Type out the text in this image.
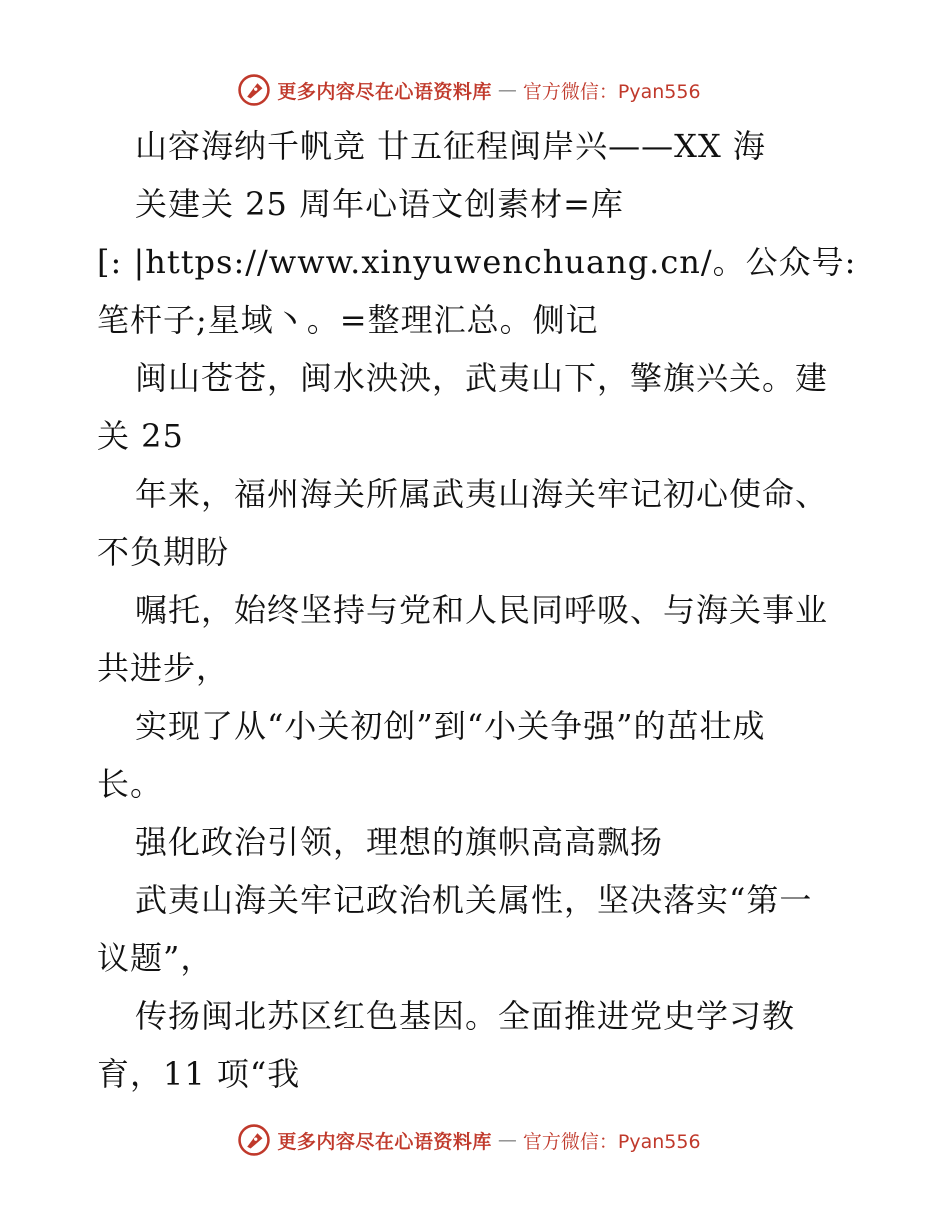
更多内容尽在心语资料库 — 官方微信：Pyan556
山容海纳千帆竞 廿五征程闽岸兴——XX 海
关建关 25 周年心语文创素材=库
[: |https://www.xinyuwenchuang.cn/。公众号:
笔杆子;星域丶。=整理汇总。侧记
闽山苍苍，闽水泱泱，武夷山下，擎旗兴关。建
关 25
年来，福州海关所属武夷山海关牢记初心使命、
不负期盼
嘱托，始终坚持与党和人民同呼吸、与海关事业
共进步，
实现了从“小关初创”到“小关争强”的茁壮成
长。
强化政治引领，理想的旗帜高高飘扬
武夷山海关牢记政治机关属性，坚决落实“第一
议题”，
传扬闽北苏区红色基因。全面推进党史学习教
育，11 项“我
更多内容尽在心语资料库 — 官方微信：Pyan556
